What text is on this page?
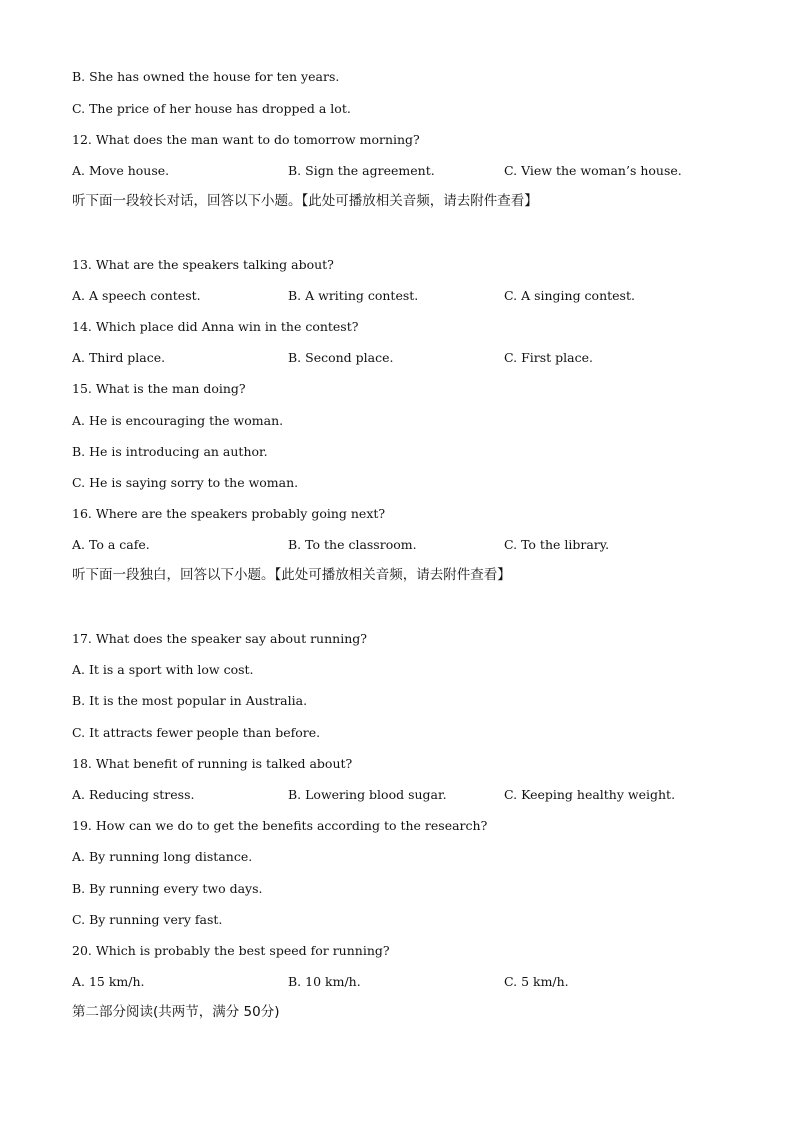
B. She has owned the house for ten years.
C. The price of her house has dropped a lot.
12. What does the man want to do tomorrow morning?
A. Move house.	B. Sign the agreement.	C. View the woman’s house.
听下面一段较长对话，回答以下小题。【此处可播放相关音频，请去附件查看】
13. What are the speakers talking about?
A. A speech contest.	B. A writing contest.	C. A singing contest.
14. Which place did Anna win in the contest?
A. Third place.	B. Second place.	C. First place.
15. What is the man doing?
A. He is encouraging the woman.
B. He is introducing an author.
C. He is saying sorry to the woman.
16. Where are the speakers probably going next?
A. To a cafe.	B. To the classroom.	C. To the library.
听下面一段独白，回答以下小题。【此处可播放相关音频，请去附件查看】
17. What does the speaker say about running?
A. It is a sport with low cost.
B. It is the most popular in Australia.
C. It attracts fewer people than before.
18. What benefit of running is talked about?
A. Reducing stress.	B. Lowering blood sugar.	C. Keeping healthy weight.
19. How can we do to get the benefits according to the research?
A. By running long distance.
B. By running every two days.
C. By running very fast.
20. Which is probably the best speed for running?
A. 15 km/h.	B. 10 km/h.	C. 5 km/h.
第二部分阅读(共两节，满分 50分)
